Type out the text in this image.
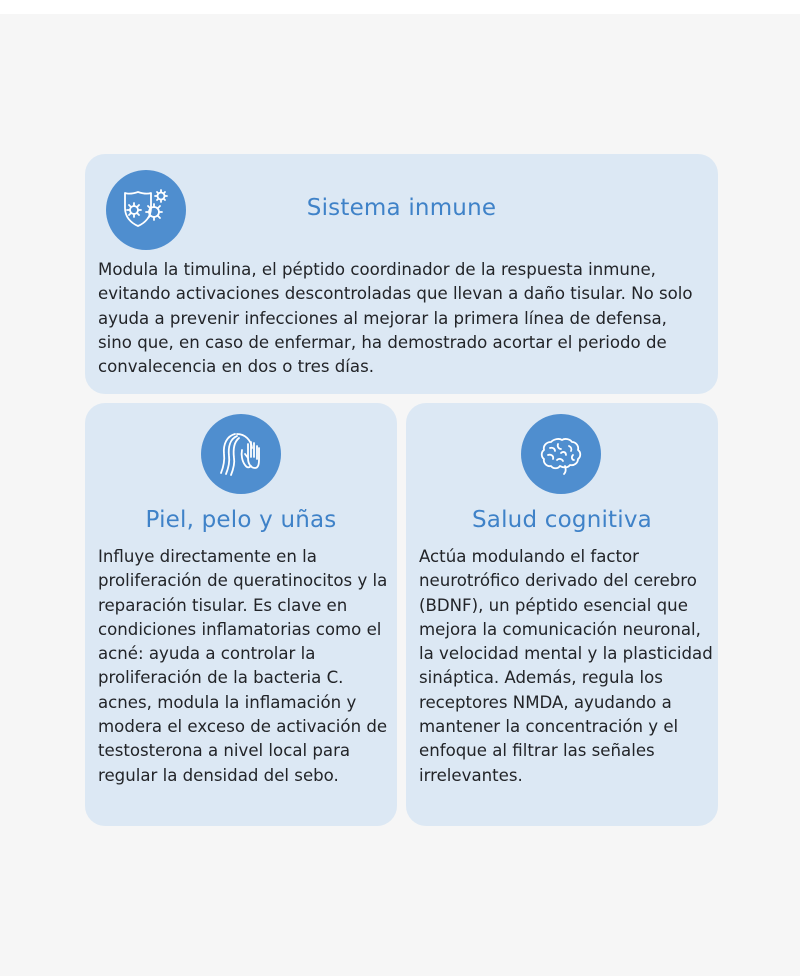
Sistema inmune

Modula la timulina, el péptido coordinador de la respuesta inmune, evitando activaciones descontroladas que llevan a daño tisular. No solo ayuda a prevenir infecciones al mejorar la primera línea de defensa, sino que, en caso de enfermar, ha demostrado acortar el periodo de convalecencia en dos o tres días.

Piel, pelo y uñas

Influye directamente en la proliferación de queratinocitos y la reparación tisular. Es clave en condiciones inflamatorias como el acné: ayuda a controlar la proliferación de la bacteria C. acnes, modula la inflamación y modera el exceso de activación de testosterona a nivel local para regular la densidad del sebo.

Salud cognitiva

Actúa modulando el factor neurotrófico derivado del cerebro (BDNF), un péptido esencial que mejora la comunicación neuronal, la velocidad mental y la plasticidad sináptica. Además, regula los receptores NMDA, ayudando a mantener la concentración y el enfoque al filtrar las señales irrelevantes.
